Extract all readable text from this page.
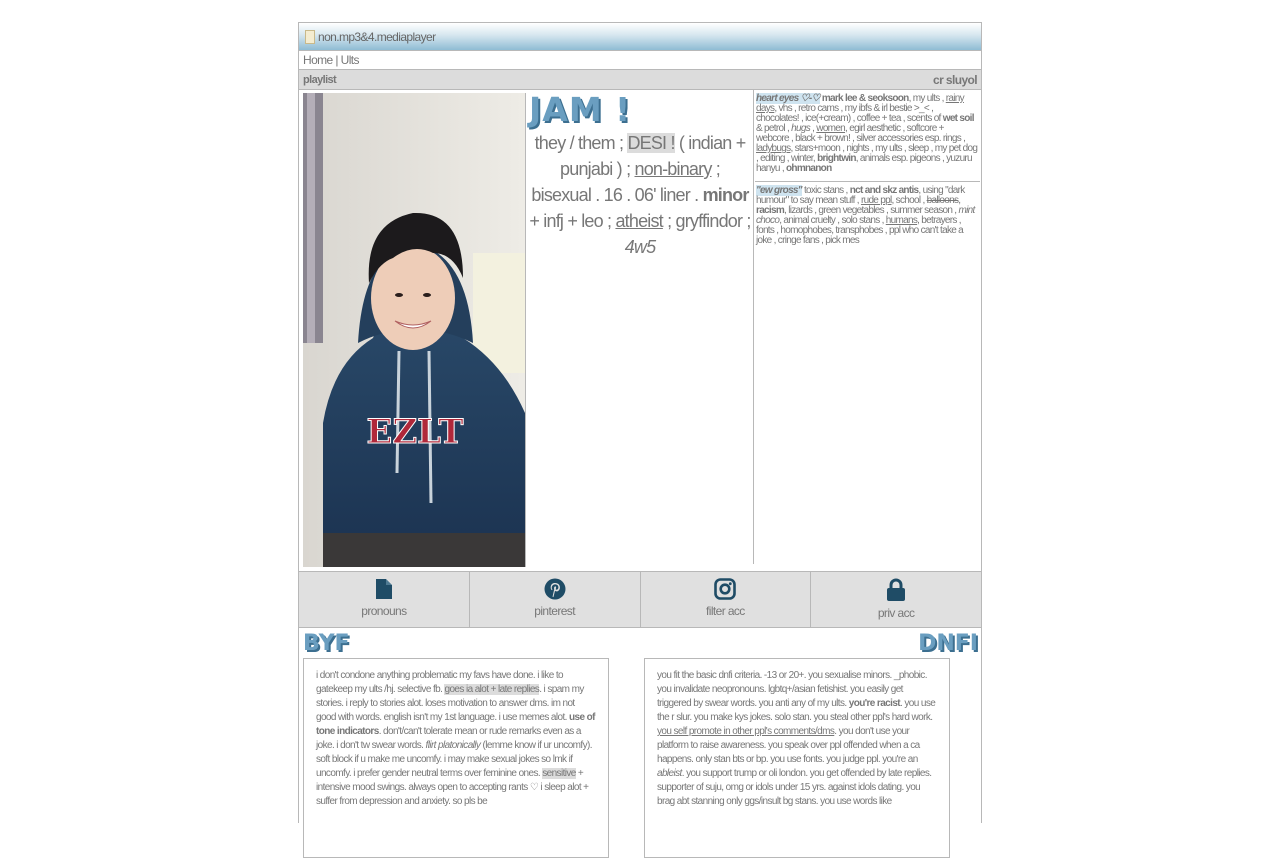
non.mp3&4.mediaplayer
Home | Ults
playlist	cr sluyol
EZLT
JAM !
they / them ; DESI ! ( indian + punjabi ) ; non-binary ; bisexual . 16 . 06' liner . minor + infj + leo ; atheist ; gryffindor ; 4w5
heart eyes ♡-♡ mark lee & seoksoon, my ults , rainy days, vhs , retro cams , my ibfs & irl bestie >_< , chocolates! , ice(+cream) , coffee + tea , scents of wet soil & petrol , hugs , women, egirl aesthetic , softcore + webcore , black + brown! , silver accessories esp. rings , ladybugs, stars+moon , nights , my ults , sleep , my pet dog , editing , winter, brightwin, animals esp. pigeons , yuzuru hanyu , ohmnanon
"ew gross" toxic stans , nct and skz antis, using "dark humour" to say mean stuff , rude ppl, school , balloons, racism, lizards , green vegetables , summer season , mint choco, animal cruelty , solo stans , humans, betrayers , fonts , homophobes, transphobes , ppl who can't take a joke , cringe fans , pick mes
pronouns	pinterest	filter acc	priv acc
BYF	DNFI
i don't condone anything problematic my favs have done. i like to gatekeep my ults /hj. selective fb. goes ia alot + late replies. i spam my stories. i reply to stories alot. loses motivation to answer dms. im not good with words. english isn't my 1st language. i use memes alot. use of tone indicators. don't/can't tolerate mean or rude remarks even as a joke. i don't tw swear words. flirt platonically (lemme know if ur uncomfy). soft block if u make me uncomfy. i may make sexual jokes so lmk if uncomfy. i prefer gender neutral terms over feminine ones. sensitive + intensive mood swings. always open to accepting rants ♡ i sleep alot + suffer from depression and anxiety. so pls be
you fit the basic dnfi criteria. -13 or 20+. you sexualise minors. _phobic. you invalidate neopronouns. lgbtq+/asian fetishist. you easily get triggered by swear words. you anti any of my ults. you're racist. you use the r slur. you make kys jokes. solo stan. you steal other ppl's hard work. you self promote in other ppl's comments/dms. you don't use your platform to raise awareness. you speak over ppl offended when a ca happens. only stan bts or bp. you use fonts. you judge ppl. you're an ableist. you support trump or oli london. you get offended by late replies. supporter of suju, omg or idols under 15 yrs. against idols dating. you brag abt stanning only ggs/insult bg stans. you use words like
